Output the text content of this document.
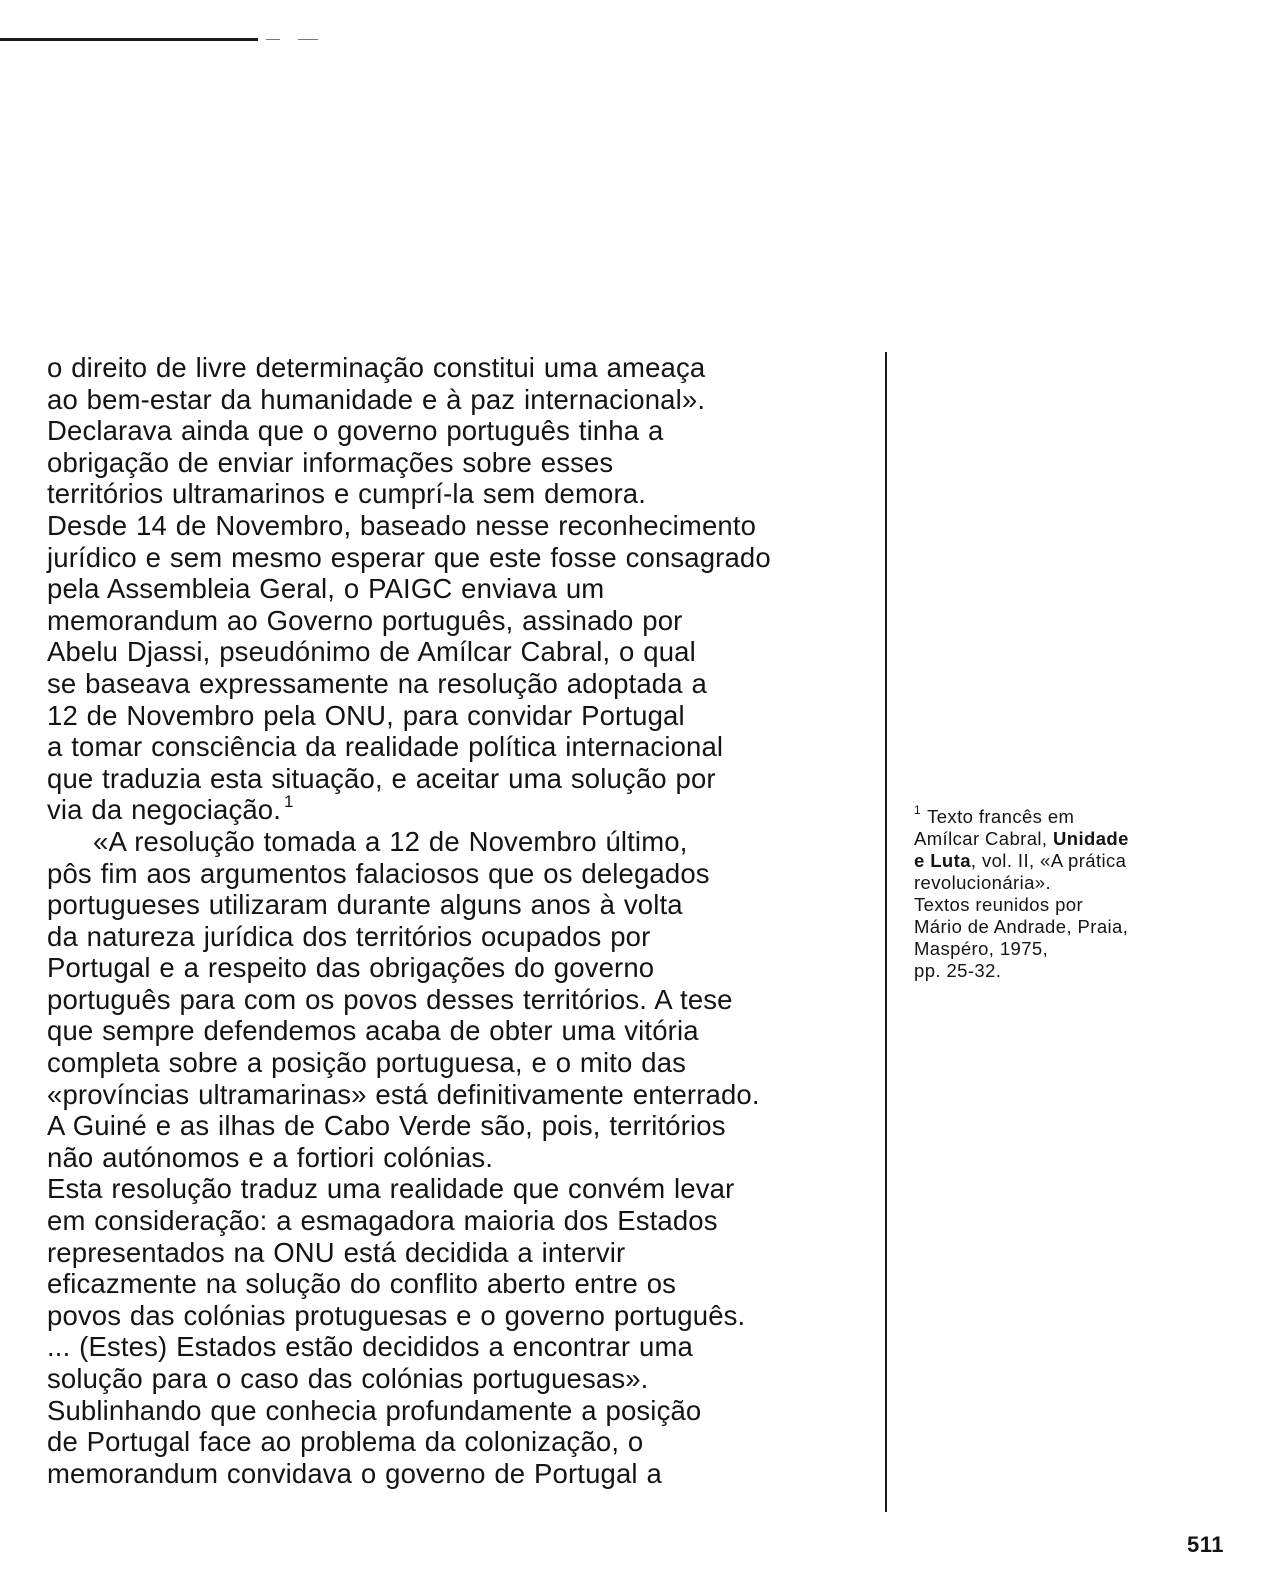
o direito de livre determinação constitui uma ameaça
ao bem-estar da humanidade e à paz internacional».
Declarava ainda que o governo português tinha a
obrigação de enviar informações sobre esses
territórios ultramarinos e cumprí-la sem demora.
Desde 14 de Novembro, baseado nesse reconhecimento
jurídico e sem mesmo esperar que este fosse consagrado
pela Assembleia Geral, o PAIGC enviava um
memorandum ao Governo português, assinado por
Abelu Djassi, pseudónimo de Amílcar Cabral, o qual
se baseava expressamente na resolução adoptada a
12 de Novembro pela ONU, para convidar Portugal
a tomar consciência da realidade política internacional
que traduzia esta situação, e aceitar uma solução por
via da negociação. $^1$
«A resolução tomada a 12 de Novembro último,
pôs fim aos argumentos falaciosos que os delegados
portugueses utilizaram durante alguns anos à volta
da natureza jurídica dos territórios ocupados por
Portugal e a respeito das obrigações do governo
português para com os povos desses territórios. A tese
que sempre defendemos acaba de obter uma vitória
completa sobre a posição portuguesa, e o mito das
«províncias ultramarinas» está definitivamente enterrado.
A Guiné e as ilhas de Cabo Verde são, pois, territórios
não autónomos e a fortiori colónias.
Esta resolução traduz uma realidade que convém levar
em consideração: a esmagadora maioria dos Estados
representados na ONU está decidida a intervir
eficazmente na solução do conflito aberto entre os
povos das colónias protuguesas e o governo português.
... (Estes) Estados estão decididos a encontrar uma
solução para o caso das colónias portuguesas».
Sublinhando que conhecia profundamente a posição
de Portugal face ao problema da colonização, o
memorandum convidava o governo de Portugal a
$^1$ Texto francês em
Amílcar Cabral, Unidade
e Luta, vol. II, «A prática
revolucionária».
Textos reunidos por
Mário de Andrade, Praia,
Maspéro, 1975,
pp. 25-32.
511
